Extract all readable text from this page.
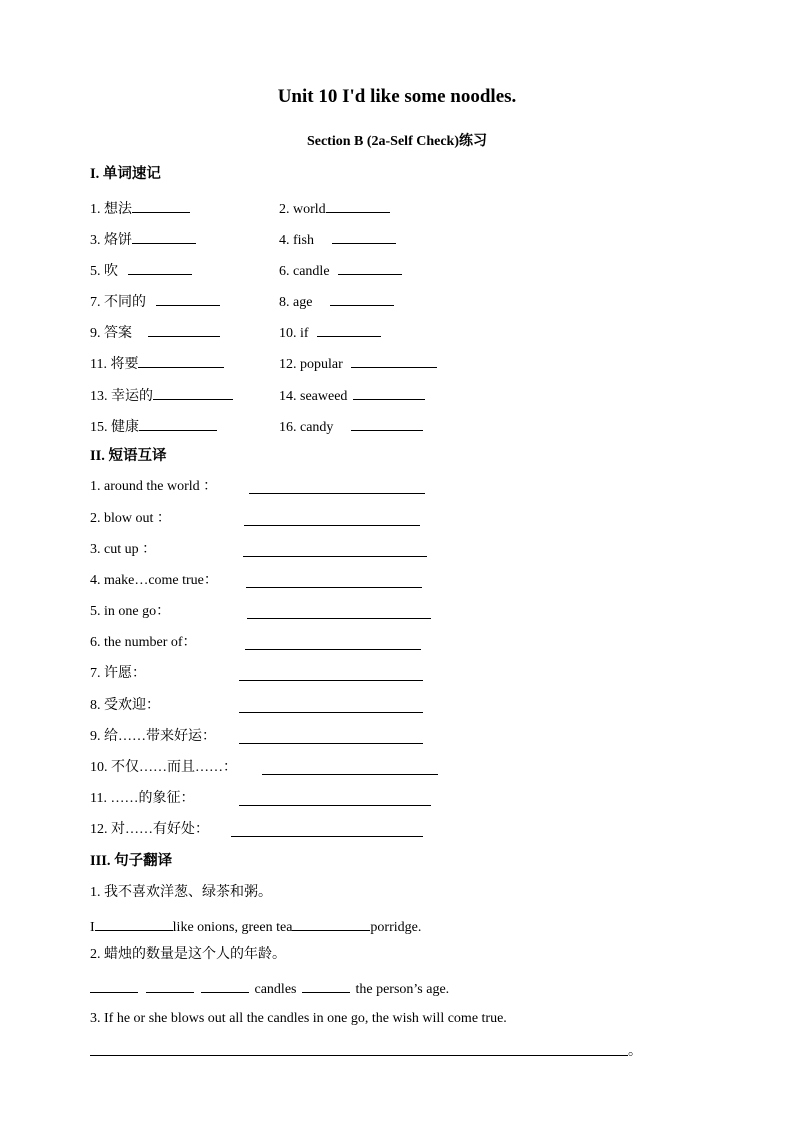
Unit 10 I'd like some noodles.
Section B (2a-Self Check)练习
I. 单词速记
1. 想法	2. world
3. 烙饼	4. fish
5. 吹	6. candle
7. 不同的	8. age
9. 答案	10. if
11. 将要	12. popular
13. 幸运的	14. seaweed
15. 健康	16. candy
II. 短语互译
1. around the world ：
2. blow out ：
3. cut up ：
4. make…come true：
5. in one go：
6. the number of：
7. 许愿：
8. 受欢迎：
9. 给……带来好运：
10. 不仅……而且……：
11. ……的象征：
12. 对……有好处：
III. 句子翻译
1. 我不喜欢洋葱、绿茶和粥。
I	like onions, green tea	porridge.
2. 蜡烛的数量是这个人的年龄。
candles	the person’s age.
3. If he or she blows out all the candles in one go, the wish will come true.
。
